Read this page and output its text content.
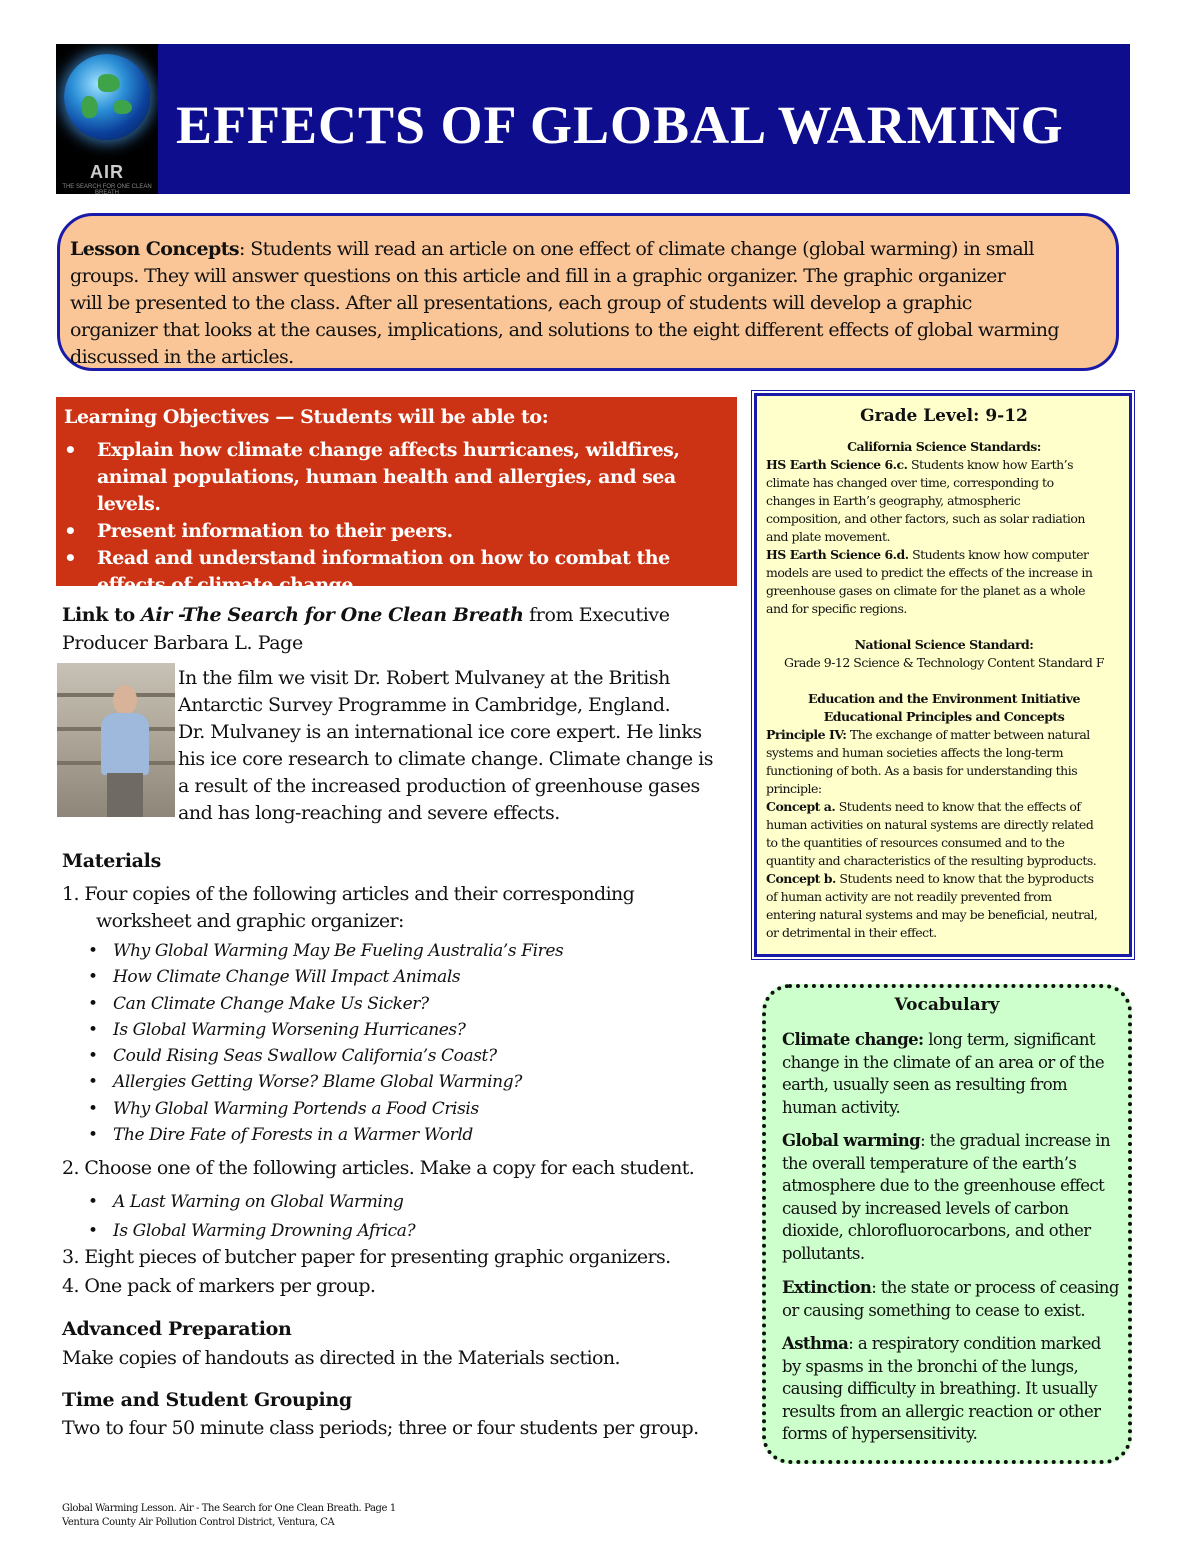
AIR
THE SEARCH FOR ONE CLEAN BREATH
EFFECTS OF GLOBAL WARMING
Lesson Concepts: Students will read an article on one effect of climate change (global warming) in small
groups. They will answer questions on this article and fill in a graphic organizer. The graphic organizer
will be presented to the class. After all presentations, each group of students will develop a graphic
organizer that looks at the causes, implications, and solutions to the eight different effects of global warming
discussed in the articles.
Learning Objectives — Students will be able to:
• Explain how climate change affects hurricanes, wildfires, animal populations, human health and allergies, and sea levels.
• Present information to their peers.
• Read and understand information on how to combat the effects of climate change.
Link to Air -The Search for One Clean Breath from Executive
Producer Barbara L. Page
In the film we visit Dr. Robert Mulvaney at the British
Antarctic Survey Programme in Cambridge, England.
Dr. Mulvaney is an international ice core expert. He links
his ice core research to climate change. Climate change is
a result of the increased production of greenhouse gases
and has long-reaching and severe effects.
Materials
1. Four copies of the following articles and their corresponding
worksheet and graphic organizer:
• Why Global Warming May Be Fueling Australia’s Fires
• How Climate Change Will Impact Animals
• Can Climate Change Make Us Sicker?
• Is Global Warming Worsening Hurricanes?
• Could Rising Seas Swallow California’s Coast?
• Allergies Getting Worse? Blame Global Warming?
• Why Global Warming Portends a Food Crisis
• The Dire Fate of Forests in a Warmer World
2. Choose one of the following articles. Make a copy for each student.
• A Last Warning on Global Warming
• Is Global Warming Drowning Africa?
3. Eight pieces of butcher paper for presenting graphic organizers.
4. One pack of markers per group.
Advanced Preparation
Make copies of handouts as directed in the Materials section.
Time and Student Grouping
Two to four 50 minute class periods; three or four students per group.
Grade Level: 9-12
California Science Standards:
HS Earth Science 6.c. Students know how Earth’s
climate has changed over time, corresponding to
changes in Earth’s geography, atmospheric
composition, and other factors, such as solar radiation
and plate movement.
HS Earth Science 6.d. Students know how computer
models are used to predict the effects of the increase in
greenhouse gases on climate for the planet as a whole
and for specific regions.
National Science Standard:
Grade 9-12 Science & Technology Content Standard F
Education and the Environment Initiative
Educational Principles and Concepts
Principle IV: The exchange of matter between natural
systems and human societies affects the long-term
functioning of both. As a basis for understanding this
principle:
Concept a. Students need to know that the effects of
human activities on natural systems are directly related
to the quantities of resources consumed and to the
quantity and characteristics of the resulting byproducts.
Concept b. Students need to know that the byproducts
of human activity are not readily prevented from
entering natural systems and may be beneficial, neutral,
or detrimental in their effect.
Vocabulary
Climate change: long term, significant
change in the climate of an area or of the
earth, usually seen as resulting from
human activity.
Global warming: the gradual increase in
the overall temperature of the earth’s
atmosphere due to the greenhouse effect
caused by increased levels of carbon
dioxide, chlorofluorocarbons, and other
pollutants.
Extinction: the state or process of ceasing
or causing something to cease to exist.
Asthma: a respiratory condition marked
by spasms in the bronchi of the lungs,
causing difficulty in breathing. It usually
results from an allergic reaction or other
forms of hypersensitivity.
Global Warming Lesson. Air - The Search for One Clean Breath. Page 1
Ventura County Air Pollution Control District, Ventura, CA
